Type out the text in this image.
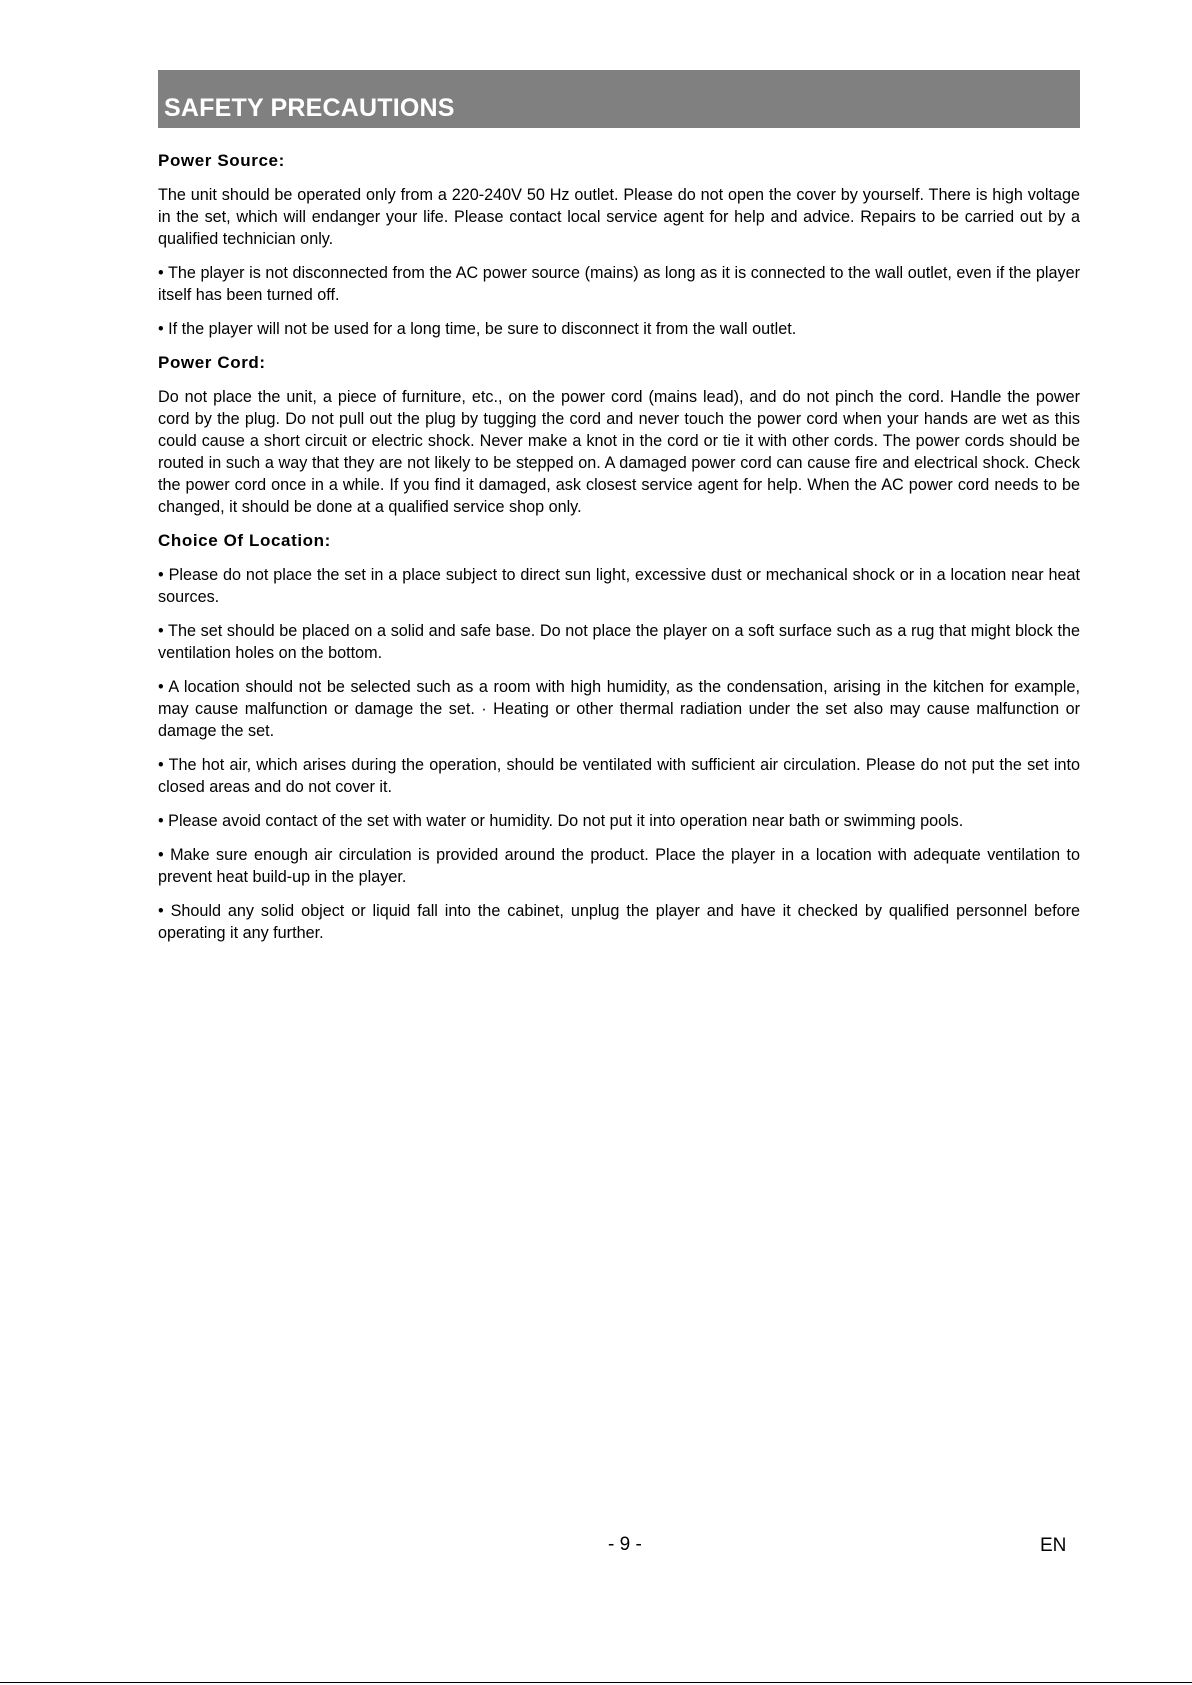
SAFETY PRECAUTIONS
Power Source:

The unit should be operated only from a 220-240V 50 Hz outlet. Please do not open the cover by yourself. There is high voltage in the set, which will endanger your life. Please contact local service agent for help and advice. Repairs to be carried out by a qualified technician only.

• The player is not disconnected from the AC power source (mains) as long as it is connected to the wall outlet, even if the player itself has been turned off.

• If the player will not be used for a long time, be sure to disconnect it from the wall outlet.

Power Cord:

Do not place the unit, a piece of furniture, etc., on the power cord (mains lead), and do not pinch the cord. Handle the power cord by the plug. Do not pull out the plug by tugging the cord and never touch the power cord when your hands are wet as this could cause a short circuit or electric shock. Never make a knot in the cord or tie it with other cords. The power cords should be routed in such a way that they are not likely to be stepped on. A damaged power cord can cause fire and electrical shock. Check the power cord once in a while. If you find it damaged, ask closest service agent for help. When the AC power cord needs to be changed, it should be done at a qualified service shop only.

Choice Of Location:

• Please do not place the set in a place subject to direct sun light, excessive dust or mechanical shock or in a location near heat sources.

• The set should be placed on a solid and safe base. Do not place the player on a soft surface such as a rug that might block the ventilation holes on the bottom.

• A location should not be selected such as a room with high humidity, as the condensation, arising in the kitchen for example, may cause malfunction or damage the set. · Heating or other thermal radiation under the set also may cause malfunction or damage the set.

• The hot air, which arises during the operation, should be ventilated with sufficient air circulation. Please do not put the set into closed areas and do not cover it.

• Please avoid contact of the set with water or humidity. Do not put it into operation near bath or swimming pools.

• Make sure enough air circulation is provided around the product. Place the player in a location with adequate ventilation to prevent heat build-up in the player.

• Should any solid object or liquid fall into the cabinet, unplug the player and have it checked by qualified personnel before operating it any further.

- 9 -	EN
